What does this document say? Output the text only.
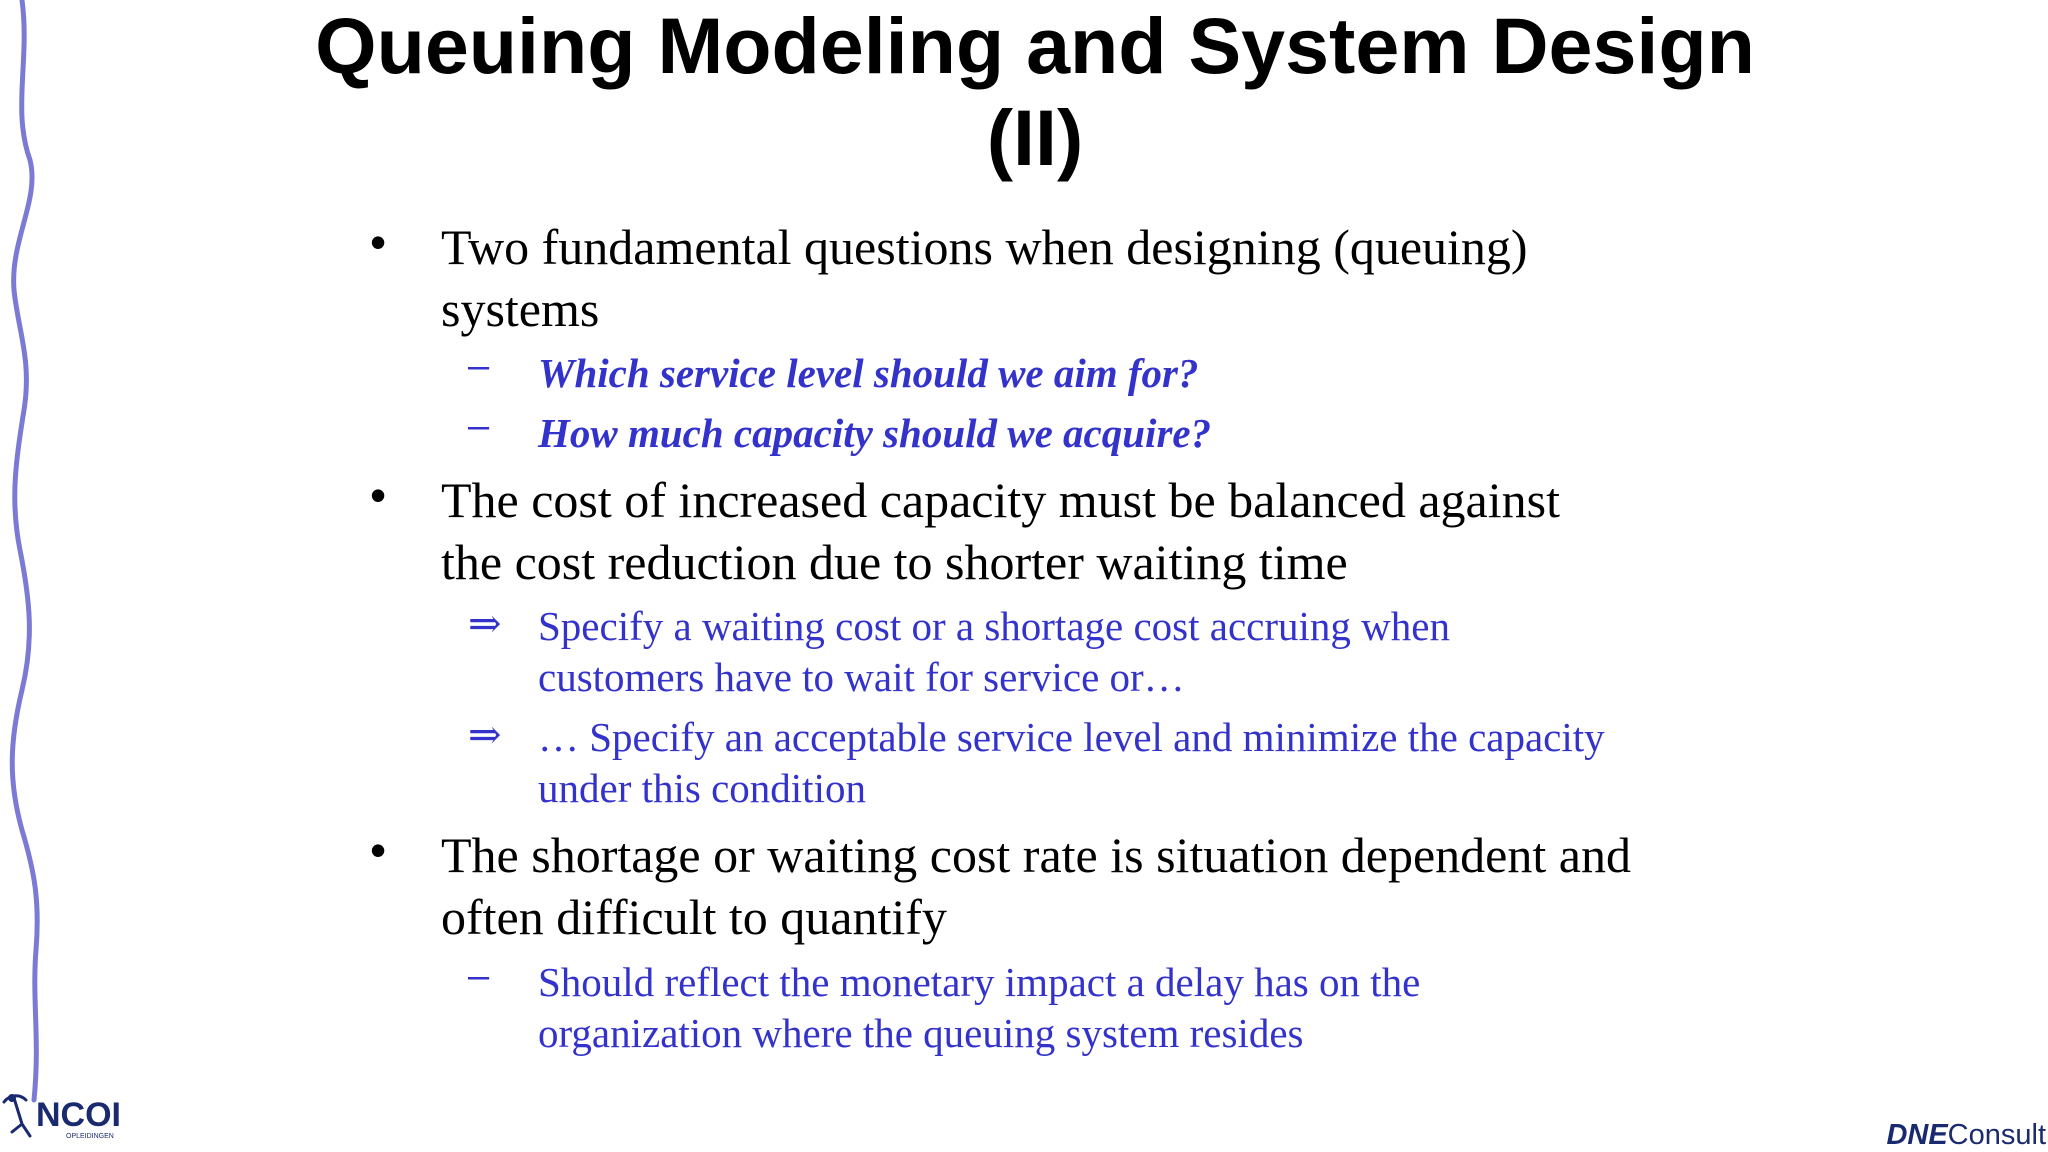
Queuing Modeling and System Design
(II)
• Two fundamental questions when designing (queuing)
systems
– Which service level should we aim for?
– How much capacity should we acquire?
• The cost of increased capacity must be balanced against
the cost reduction due to shorter waiting time
⇒ Specify a waiting cost or a shortage cost accruing when
customers have to wait for service or…
⇒ … Specify an acceptable service level and minimize the capacity
under this condition
• The shortage or waiting cost rate is situation dependent and
often difficult to quantify
– Should reflect the monetary impact a delay has on the
organization where the queuing system resides
NCOI
OPLEIDINGEN	DNEConsult
